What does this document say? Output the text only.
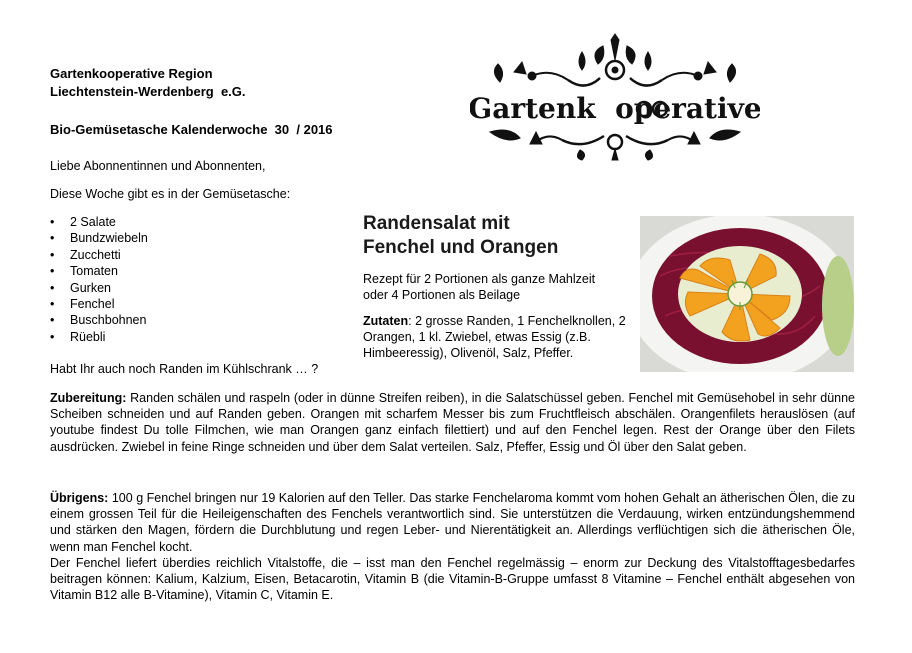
Gartenkooperative Region
Liechtenstein-Werdenberg  e.G.
Bio-Gemüsetasche Kalenderwoche  30  / 2016
Gartenk  operative
Liebe Abonnentinnen und Abonnenten,
Diese Woche gibt es in der Gemüsetasche:
• 2 Salate
• Bundzwiebeln
• Zucchetti
• Tomaten
• Gurken
• Fenchel
• Buschbohnen
• Rüebli
Habt Ihr auch noch Randen im Kühlschrank … ?
Randensalat mit
Fenchel und Orangen
Rezept für 2 Portionen als ganze Mahlzeit
oder 4 Portionen als Beilage
Zutaten: 2 grosse Randen, 1 Fenchelknollen, 2 Orangen, 1 kl. Zwiebel, etwas Essig (z.B. Himbeeressig), Olivenöl, Salz, Pfeffer.
Zubereitung: Randen schälen und raspeln (oder in dünne Streifen reiben), in die Salatschüssel geben. Fenchel mit Gemüsehobel in sehr dünne Scheiben schneiden und auf Randen geben. Orangen mit scharfem Messer bis zum Fruchtfleisch abschälen. Orangenfilets herauslösen (auf youtube findest Du tolle Filmchen, wie man Orangen ganz einfach filettiert) und auf den Fenchel legen. Rest der Orange über den Filets ausdrücken. Zwiebel in feine Ringe schneiden und über dem Salat verteilen. Salz, Pfeffer, Essig und Öl über den Salat geben.
Übrigens: 100 g Fenchel bringen nur 19 Kalorien auf den Teller. Das starke Fenchelaroma kommt vom hohen Gehalt an ätherischen Ölen, die zu einem grossen Teil für die Heileigenschaften des Fenchels verantwortlich sind. Sie unterstützen die Verdauung, wirken entzündungshemmend und stärken den Magen, fördern die Durchblutung und regen Leber- und Nierentätigkeit an. Allerdings verflüchtigen sich die ätherischen Öle, wenn man Fenchel kocht.
Der Fenchel liefert überdies reichlich Vitalstoffe, die – isst man den Fenchel regelmässig – enorm zur Deckung des Vitalstofftagesbedarfes beitragen können: Kalium, Kalzium, Eisen, Betacarotin, Vitamin B (die Vitamin-B-Gruppe umfasst 8 Vitamine – Fenchel enthält abgesehen von Vitamin B12 alle B-Vitamine), Vitamin C, Vitamin E.
